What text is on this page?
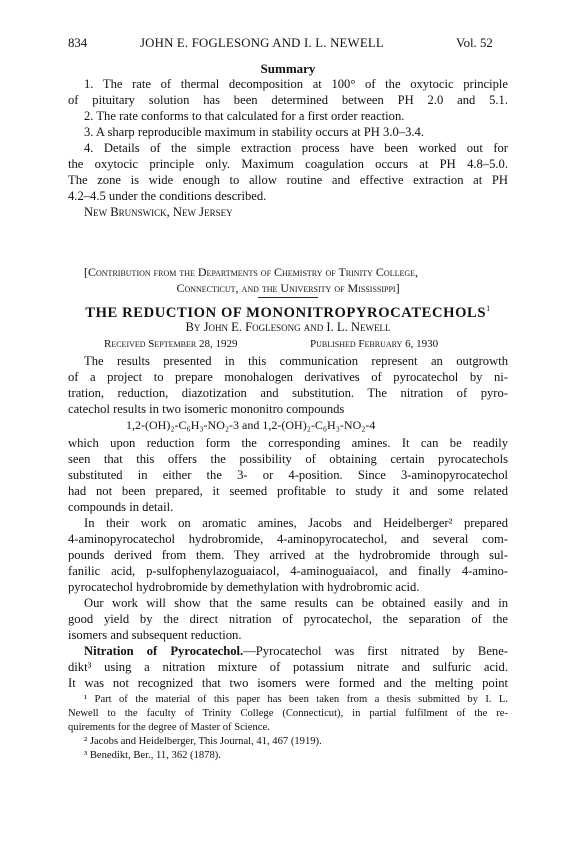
834	JOHN E. FOGLESONG AND I. L. NEWELL	Vol. 52
Summary
1. The rate of thermal decomposition at 100° of the oxytocic principle
of pituitary solution has been determined between PH 2.0 and 5.1.
2. The rate conforms to that calculated for a first order reaction.
3. A sharp reproducible maximum in stability occurs at PH 3.0–3.4.
4. Details of the simple extraction process have been worked out for
the oxytocic principle only. Maximum coagulation occurs at PH 4.8–5.0.
The zone is wide enough to allow routine and effective extraction at PH
4.2–4.5 under the conditions described.
New Brunswick, New Jersey
[Contribution from the Departments of Chemistry of Trinity College,
Connecticut, and the University of Mississippi]
THE REDUCTION OF MONONITROPYROCATECHOLS$^1$
By John E. Foglesong and I. L. Newell
Received September 28, 1929	Published February 6, 1930
The results presented in this communication represent an outgrowth
of a project to prepare monohalogen derivatives of pyrocatechol by ni-
tration, reduction, diazotization and substitution. The nitration of pyro-
catechol results in two isomeric mononitro compounds
1,2-(OH)₂-C₆H₃-NO₂-3 and 1,2-(OH)₂-C₆H₃-NO₂-4
which upon reduction form the corresponding amines. It can be readily
seen that this offers the possibility of obtaining certain pyrocatechols
substituted in either the 3- or 4-position. Since 3-aminopyrocatechol
had not been prepared, it seemed profitable to study it and some related
compounds in detail.
In their work on aromatic amines, Jacobs and Heidelberger² prepared
4-aminopyrocatechol hydrobromide, 4-aminopyrocatechol, and several com-
pounds derived from them. They arrived at the hydrobromide through sul-
fanilic acid, p-sulfophenylazoguaiacol, 4-aminoguaiacol, and finally 4-amino-
pyrocatechol hydrobromide by demethylation with hydrobromic acid.
Our work will show that the same results can be obtained easily and in
good yield by the direct nitration of pyrocatechol, the separation of the
isomers and subsequent reduction.
Nitration of Pyrocatechol.—Pyrocatechol was first nitrated by Bene-
dikt³ using a nitration mixture of potassium nitrate and sulfuric acid.
It was not recognized that two isomers were formed and the melting point
¹ Part of the material of this paper has been taken from a thesis submitted by I. L.
Newell to the faculty of Trinity College (Connecticut), in partial fulfilment of the re-
quirements for the degree of Master of Science.
² Jacobs and Heidelberger, This Journal, 41, 467 (1919).
³ Benedikt, Ber., 11, 362 (1878).
